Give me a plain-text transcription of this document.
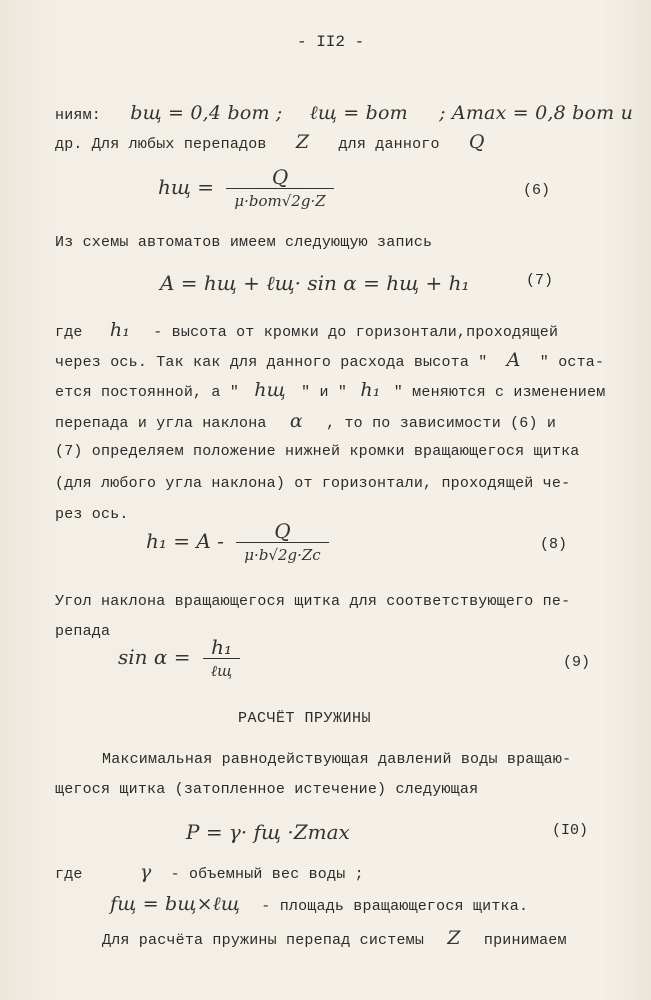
- II2 -
ниям: bщ = 0,4 bот ; ℓщ = bот ; Amax = 0,8 bот и
др. Для любых перепадов Z для данного Q
hщ = $\frac{Q}{\text{μ·bот√2g·Z}}$	(6)
Из схемы автоматов имеем следующую запись
A = hщ + ℓщ· sin α = hщ + h₁	(7)
где h₁ - высота от кромки до горизонтали,проходящей
через ось. Так как для данного расхода высота " A " оста-
ется постоянной, а " hщ " и " h₁ " меняются с изменением
перепада и угла наклона α , то по зависимости (6) и
(7) определяем положение нижней кромки вращающегося щитка
(для любого угла наклона) от горизонтали, проходящей че-
рез ось.
$h_1 = A - \frac{Q}{\mu\cdot b√2g\cdot Zc}$	(8)
Угол наклона вращающегося щитка для соответствующего пе-
репада
$\sin \alpha = \frac{\text{h₁}}{\text{ℓщ}}$	(9)
РАСЧЁТ ПРУЖИНЫ
Максимальная равнодействующая давлений воды вращаю-
щегося щитка (затопленное истечение) следующая
P = γ· fщ ·Zmax	(I0)
где	γ - объемный вес воды ;
fщ = bщ×ℓщ - площадь вращающегося щитка.
Для расчёта пружины перепад системы Z принимаем
